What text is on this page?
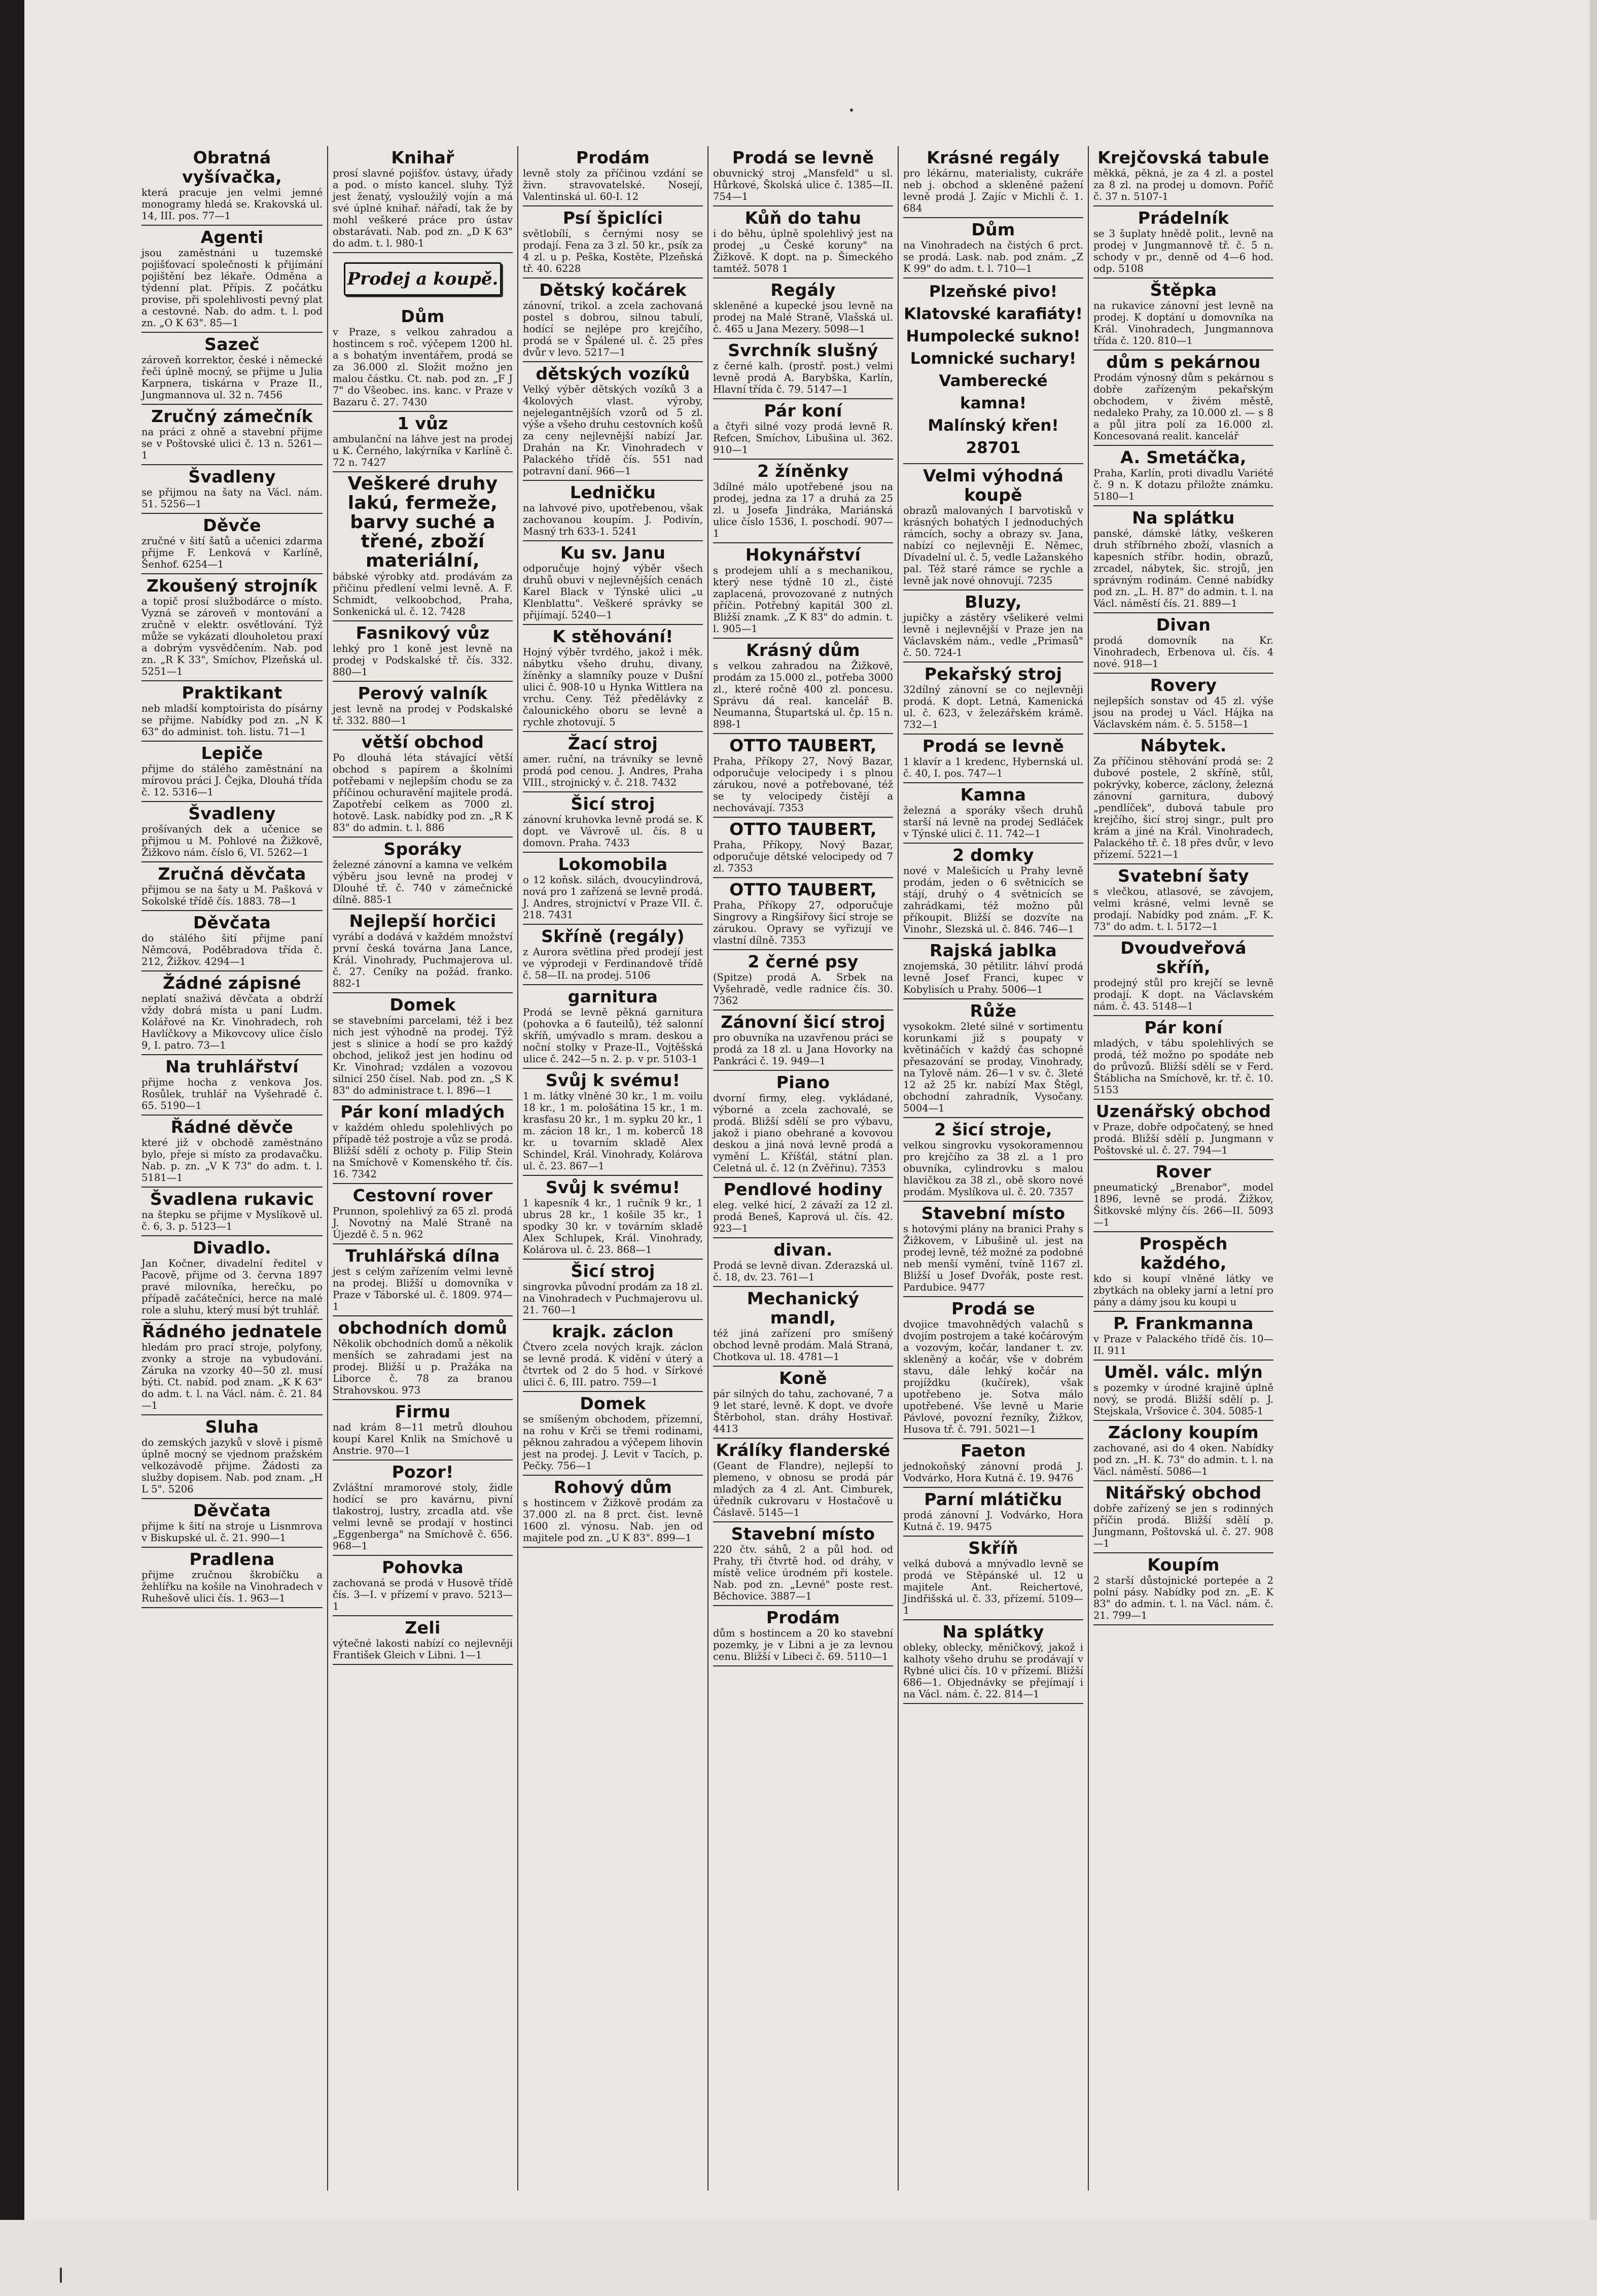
Obratná vyšívačka,

která pracuje jen velmi jemné monogramy hledá se. Krakovská ul. 14, III. pos. 77—1

Agenti

jsou zaměstnáni u tuzemské pojišťovací společnosti k přijímání pojištění bez lékaře. Odměna a týdenní plat. Přípis. Z počátku provise, při spolehlivosti pevný plat a cestovné. Nab. do adm. t. l. pod zn. „O K 63". 85—1

Sazeč

zároveň korrektor, české i německé řeči úplně mocný, se přijme u Julia Karpnera, tiskárna v Praze II., Jungmannova ul. 32 n. 7456

Zručný zámečník

na práci z ohně a stavební přijme se v Poštovské ulici č. 13 n. 5261—1

Švadleny

se přijmou na šaty na Václ. nám. 51. 5256—1

Děvče

zručné v šití šatů a učenici zdarma přijme F. Lenková v Karlíně, Šenhof. 6254—1

Zkoušený strojník

a topič prosí službodárce o místo. Vyzná se zároveň v montování a zručně v elektr. osvětlování. Týž může se vykázati dlouholetou praxí a dobrým vysvědčením. Nab. pod zn. „R K 33", Smíchov, Plzeňská ul. 5251—1

Praktikant

neb mladší komptoirista do písárny se přijme. Nabídky pod zn. „N K 63" do administ. toh. listu. 71—1

Lepiče

přijme do stálého zaměstnání na mírovou práci J. Čejka, Dlouhá třída č. 12. 5316—1

Švadleny

prošívaných dek a učenice se přijmou u M. Pohlové na Žižkově, Žižkovo nám. číslo 6, VI. 5262—1

Zručná děvčata

přijmou se na šaty u M. Pašková v Sokolské třídě čís. 1883. 78—1

Děvčata

do stálého šití přijme paní Němcová, Poděbradova třída č. 212, Žižkov. 4294—1

Žádné zápisné

neplatí snaživá děvčata a obdrží vždy dobrá místa u paní Ludm. Kolářové na Kr. Vinohradech, roh Havlíčkovy a Mikovcovy ulice číslo 9, I. patro. 73—1

Na truhlářství

přijme hocha z venkova Jos. Rosůlek, truhlář na Vyšehradě č. 65. 5190—1

Řádné děvče

které již v obchodě zaměstnáno bylo, přeje si místo za prodavačku. Nab. p. zn. „V K 73" do adm. t. l. 5181—1

Švadlena rukavic

na štepku se přijme v Myslíkově ul. č. 6, 3. p. 5123—1

Divadlo.

Jan Kočner, divadelní ředitel v Pacově, přijme od 3. června 1897 pravé milovníka, herečku, po případě začátečníci, herce na malé role a sluhu, který musí být truhlář.

Řádného jednatele

hledám pro prací stroje, polyfony, zvonky a stroje na vybudování. Záruka na vzorky 40—50 zl. musí býti. Ct. nabíd. pod znam. „K K 63" do adm. t. l. na Václ. nám. č. 21. 84—1

Sluha

do zemských jazyků v slově i písmě úplně mocný se vjednom pražském velkozávodě přijme. Žádosti za služby dopisem. Nab. pod znam. „H L 5". 5206

Děvčata

přijme k šití na stroje u Lisnmrova v Biskupské ul. č. 21. 990—1

Pradlena

přijme zručnou škrobíčku a žehlířku na košile na Vinohradech v Ruhešově ulici čís. 1. 963—1

Knihař

prosí slavné pojišťov. ústavy, úřady a pod. o místo kancel. sluhy. Týž jest ženatý, vysloužilý vojín a má své úplné knihař. nářadí, tak že by mohl veškeré práce pro ústav obstarávati. Nab. pod zn. „D K 63" do adm. t. l. 980-1

Prodej a koupě.
Dům

v Praze, s velkou zahradou a hostincem s roč. výčepem 1200 hl. a s bohatým inventářem, prodá se za 36.000 zl. Složit možno jen malou částku. Ct. nab. pod zn. „F J 7" do Všeobec. ins. kanc. v Praze v Bazaru č. 27. 7430

1 vůz

ambulanční na láhve jest na prodej u K. Černého, lakýrníka v Karlíně č. 72 n. 7427

Veškeré druhy lakú, fermeže, barvy suché a třené, zboží materiální,

bábské výrobky atd. prodávám za přičinu předlení velmi levně. A. F. Schmidt, velkoobchod, Praha, Sonkenická ul. č. 12. 7428

Fasnikový vůz

lehký pro 1 koně jest levně na prodej v Podskalské tř. čís. 332. 880—1

Perový valník

jest levně na prodej v Podskalské tř. 332. 880—1

větší obchod

Po dlouhá léta stávající větší obchod s papírem a školními potřebami v nejlepším chodu se za příčinou ochuravění majitele prodá. Zapotřebí celkem as 7000 zl. hotově. Lask. nabídky pod zn. „R K 83" do admin. t. l. 886

Sporáky

železné zánovní a kamna ve velkém výběru jsou levně na prodej v Dlouhé tř. č. 740 v zámečnické dílně. 885-1

Nejlepší horčici

vyrábí a dodává v každém množství první česká továrna Jana Lance, Král. Vinohrady, Puchmajerova ul. č. 27. Ceníky na požád. franko. 882-1

Domek

se stavebními parcelami, též i bez nich jest výhodně na prodej. Týž jest s slinice a hodí se pro každý obchod, jelikož jest jen hodinu od Kr. Vinohrad; vzdálen a vozovou silnicí 250 čísel. Nab. pod zn. „S K 83" do administrace t. l. 896—1

Pár koní mladých

v každém ohledu spolehlivých po případě též postroje a vůz se prodá. Bližší sdělí z ochoty p. Filip Stein na Smíchově v Komenského tř. čís. 16. 7342

Cestovní rover

Prunnon, spolehlivý za 65 zl. prodá J. Novotný na Malé Straně na Újezdě č. 5 n. 962

Truhlářská dílna

jest s celým zařízením velmi levně na prodej. Bližší u domovníka v Praze v Táborské ul. č. 1809. 974—1

obchodních domů

Několik obchodních domů a několik menších se zahradami jest na prodej. Bližší u p. Pražáka na Liborce č. 78 za branou Strahovskou. 973

Firmu

nad krám 8—11 metrů dlouhou koupí Karel Knlik na Smíchově u Anstrie. 970—1

Pozor!

Zvláštní mramorové stoly, židle hodící se pro kavárnu, pivní tlakostroj, lustry, zrcadla atd. vše velmi levně se prodají v hostinci „Eggenberga" na Smíchově č. 656. 968—1

Pohovka

zachovaná se prodá v Husově třídě čís. 3—I. v přízemí v pravo. 5213—1

Zeli

výtečné lakosti nabízí co nejlevněji František Gleich v Libni. 1—1

Prodám

levně stoly za příčinou vzdání se živn. stravovatelské. Nosejí, Valentinská ul. 60-I. 12

Psí špiclíci

světlobílí, s černými nosy se prodají. Fena za 3 zl. 50 kr., psík za 4 zl. u p. Peška, Kostěte, Plzeňská tř. 40. 6228

Dětský kočárek

zánovní, trikol. a zcela zachovaná postel s dobrou, silnou tabulí, hodící se nejlépe pro krejčího, prodá se v Špálené ul. č. 25 přes dvůr v levo. 5217—1

dětských vozíků

Velký výběr dětských vozíků 3 a 4kolových vlast. výroby, nejelegantnějších vzorů od 5 zl. výše a všeho druhu cestovních košů za ceny nejlevnější nabízí Jar. Drahán na Kr. Vinohradech v Palackého třídě čís. 551 nad potravní daní. 966—1

Ledničku

na lahvové pivo, upotřebenou, však zachovanou koupím. J. Podivín, Masný trh 633-1. 5241

Ku sv. Janu

odporučuje hojný výběr všech druhů obuvi v nejlevnějších cenách Karel Black v Týnské ulici „u Klenblattu". Veškeré správky se přijímají. 5240—1

K stěhování!

Hojný výběr tvrdého, jakož i měk. nábytku všeho druhu, divany, žíněnky a slamníky pouze v Dušní ulici č. 908-10 u Hynka Wittlera na vrchu. Ceny. Též předělávky z čalounického oboru se levně a rychle zhotovují. 5

Žací stroj

amer. ruční, na trávníky se levně prodá pod cenou. J. Andres, Praha VIII., strojnický v. č. 218. 7432

Šicí stroj

zánovní kruhovka levně prodá se. K dopt. ve Vávrově ul. čís. 8 u domovn. Praha. 7433

Lokomobila

o 12 koňsk. silách, dvoucylindrová, nová pro 1 zařízená se levně prodá. J. Andres, strojnictví v Praze VII. č. 218. 7431

Skříně (regály)

z Aurora světlina před prodejí jest ve výprodeji v Ferdinandově třídě č. 58—II. na prodej. 5106

garnitura

Prodá se levně pěkná garnitura (pohovka a 6 fauteilů), též salonní skříň, umývadlo s mram. deskou a noční stolky v Praze-II., Vojtěšská ulice č. 242—5 n. 2. p. v pr. 5103-1

Svůj k svému!

1 m. látky vlněné 30 kr., 1 m. voilu 18 kr., 1 m. pološátina 15 kr., 1 m. krasfasu 20 kr., 1 m. sypku 20 kr., 1 m. zácion 18 kr., 1 m. koberců 18 kr. u tovarním skladě Alex Schindel, Král. Vinohrady, Kolárova ul. č. 23. 867—1

Svůj k svému!

1 kapesník 4 kr., 1 ručník 9 kr., 1 ubrus 28 kr., 1 košile 35 kr., 1 spodky 30 kr. v továrním skladě Alex Schlupek, Král. Vinohrady, Kolárova ul. č. 23. 868—1

Šicí stroj

singrovka původní prodám za 18 zl. na Vinohradech v Puchmajerovu ul. 21. 760—1

krajk. záclon

Čtvero zcela nových krajk. záclon se levně prodá. K vidění v úterý a čtvrtek od 2 do 5 hod. v Sírkové ulici č. 6, III. patro. 759—1

Domek

se smíšeným obchodem, přízemní, na rohu v Krči se třemi rodinami, pěknou zahradou a výčepem lihovin jest na prodej. J. Levit v Tacích, p. Pečky. 756—1

Rohový dům

s hostincem v Žižkově prodám za 37.000 zl. na 8 prct. čist. levně 1600 zl. výnosu. Nab. jen od majitele pod zn. „U K 83". 899—1

Prodá se levně

obuvnický stroj „Mansfeld" u sl. Hůrkové, Školská ulice č. 1385—II. 754—1

Kůň do tahu

i do běhu, úplně spolehlivý jest na prodej „u České koruny" na Žižkově. K dopt. na p. Šimeckého tamtéž. 5078 1

Regály

skleněné a kupecké jsou levně na prodej na Malé Straně, Vlašská ul. č. 465 u Jana Mezery. 5098—1

Svrchník slušný

z černé kalh. (prostř. post.) velmi levně prodá A. Barybška, Karlín, Hlavní třída č. 79. 5147—1

Pár koní

a čtyři silné vozy prodá levně R. Refcen, Smíchov, Libušina ul. 362. 910—1

2 žíněnky

3dílné málo upotřebené jsou na prodej, jedna za 17 a druhá za 25 zl. u Josefa Jindráka, Mariánská ulice číslo 1536, I. poschodí. 907—1

Hokynářství

s prodejem uhlí a s mechanikou, který nese týdně 10 zl., čisté zaplacená, provozované z nutných příčin. Potřebný kapitál 300 zl. Bližší znamk. „Z K 83" do admin. t. l. 905—1

Krásný dům

s velkou zahradou na Žižkově, prodám za 15.000 zl., potřeba 3000 zl., které ročně 400 zl. poncesu. Správu dá real. kancelář B. Neumanna, Štupartská ul. čp. 15 n. 898-1

OTTO TAUBERT,

Praha, Příkopy 27, Nový Bazar, odporučuje velocipedy i s plnou zárukou, nové a potřebované, též se ty velocipedy čistějí a nechovávají. 7353

OTTO TAUBERT,

Praha, Příkopy, Nový Bazar, odporučuje dětské velocipedy od 7 zl. 7353

OTTO TAUBERT,

Praha, Příkopy 27, odporučuje Singrovy a Ringšiřovy šicí stroje se zárukou. Opravy se vyřizují ve vlastní dílně. 7353

2 černé psy

(Spitze) prodá A. Srbek na Vyšehradě, vedle radnice čís. 30. 7362

Zánovní šicí stroj

pro obuvníka na uzavřenou práci se prodá za 18 zl. u Jana Hovorky na Pankráci č. 19. 949—1

Piano

dvorní firmy, eleg. vykládané, výborné a zcela zachovalé, se prodá. Bližší sdělí se pro výbavu, jakož i piano obehrané a kovovou deskou a jiná nová levně prodá a vymění L. Kříšťál, státní plan. Celetná ul. č. 12 (n Zvěřinu). 7353

Pendlové hodiny

eleg. velké hicí, 2 závaží za 12 zl. prodá Beneš, Kaprová ul. čís. 42. 923—1

divan.

Prodá se levně divan. Zderazská ul. č. 18, dv. 23. 761—1

Mechanický mandl,

též jiná zařízení pro smíšený obchod levně prodám. Malá Straná, Chotkova ul. 18. 4781—1

Koně

pár silných do tahu, zachované, 7 a 9 let staré, levně. K dopt. ve dvoře Štěrbohol, stan. dráhy Hostivař. 4413

Králíky flanderské

(Geant de Flandre), nejlepší to plemeno, v obnosu se prodá pár mladých za 4 zl. Ant. Cimburek, úředník cukrovaru v Hostačově u Čáslavě. 5145—1

Stavební místo

220 čtv. sáhů, 2 a půl hod. od Prahy, tři čtvrtě hod. od dráhy, v místě velice úrodném při kostele. Nab. pod zn. „Levné" poste rest. Běchovice. 3887—1

Prodám

dům s hostincem a 20 ko stavební pozemky, je v Libni a je za levnou cenu. Bližší v Libeci č. 69. 5110—1

Krásné regály

pro lékárnu, materialisty, cukráře neb j. obchod a skleněné pažení levně prodá J. Zajíc v Michli č. 1. 684

Dům

na Vinohradech na čistých 6 prct. se prodá. Lask. nab. pod znám. „Z K 99" do adm. t. l. 710—1

Plzeňské pivo!
Klatovské karafiáty!
Humpolecké sukno!
Lomnické suchary!
Vamberecké kamna!
Malínský křen! 28701
Velmi výhodná koupě

obrazů malovaných I barvotisků v krásných bohatých I jednoduchých rámcích, sochy a obrazy sv. Jana, nabízí co nejlevněji E. Němec, Dívadelní ul. č. 5, vedle Lažanského pal. Též staré rámce se rychle a levně jak nové ohnovují. 7235

Bluzy,

jupičky a zástěry všelikeré velmi levně i nejlevnější v Praze jen na Václavském nám., vedle „Primasů" č. 50. 724-1

Pekařský stroj

32dílný zánovní se co nejlevněji prodá. K dopt. Letná, Kamenická ul. č. 623, v železářském krámě. 732—1

Prodá se levně

1 klavír a 1 kredenc, Hybernská ul. č. 40, I. pos. 747—1

Kamna

železná a sporáky všech druhů starší ná levně na prodej Sedláček v Týnské ulici č. 11. 742—1

2 domky

nové v Malešicích u Prahy levně prodám, jeden o 6 světnicích se stájí, druhý o 4 světnicích se zahrádkami, též možno půl příkoupit. Bližší se dozvíte na Vinohr., Slezská ul. č. 846. 746—1

Rajská jablka

znojemská, 30 pětilitr. láhví prodá levně Josef Franci, kupec v Kobylisích u Prahy. 5006—1

Růže

vysokokm. 2leté silné v sortimentu korunkami již s poupaty v květináčích v každý čas schopné přesazování se proday, Vinohrady, na Tylově nám. 26—1 v sv. č. 3leté 12 až 25 kr. nabízí Max Štěgl, obchodní zahradník, Vysočany. 5004—1

2 šicí stroje,

velkou singrovku vysokoramennou pro krejčího za 38 zl. a 1 pro obuvníka, cylindrovku s malou hlavičkou za 38 zl., obě skoro nové prodám. Myslíkova ul. č. 20. 7357

Stavební místo

s hotovými plány na branici Prahy s Žižkovem, v Libušině ul. jest na prodej levně, též možné za podobné neb menší vymění, tvíně 1167 zl. Bližší u Josef Dvořák, poste rest. Pardubice. 9477

Prodá se

dvojice tmavohnědých valachů s dvojím postrojem a také kočárovým a vozovým, kočár, landaner t. zv. skleněný a kočár, vše v dobrém stavu, dále lehký kočár na projíždku (kučírek), však upotřebeno je. Sotva málo upotřebené. Vše levně u Marie Pávlové, povozní řezníky, Žižkov, Husova tř. č. 791. 5021—1

Faeton

jednokoňský zánovní prodá J. Vodvárko, Hora Kutná č. 19. 9476

Parní mlátičku

prodá zánovní J. Vodvárko, Hora Kutná č. 19. 9475

Skříň

velká dubová a mnývadlo levně se prodá ve Stěpánské ul. 12 u majitele Ant. Reichertové, Jindřišská ul. č. 33, přízemí. 5109—1

Na splátky

obleky, oblecky, měničkový, jakož i kalhoty všeho druhu se prodávají v Rybné ulici čís. 10 v přízemí. Bližší 686—1. Objednávky se přejímají i na Václ. nám. č. 22. 814—1

Krejčovská tabule

měkká, pěkná, je za 4 zl. a postel za 8 zl. na prodej u domovn. Poříč č. 37 n. 5107-1

Prádelník

se 3 šuplaty hnědě polit., levně na prodej v Jungmannově tř. č. 5 n. schody v pr., denně od 4—6 hod. odp. 5108

Štěpka

na rukavice zánovní jest levně na prodej. K doptání u domovníka na Král. Vinohradech, Jungmannova třída č. 120. 810—1

dům s pekárnou

Prodám výnosný dům s pekárnou s dobře zařízeným pekařským obchodem, v živém městě, nedaleko Prahy, za 10.000 zl. — s 8 a půl jitra polí za 16.000 zl. Koncesovaná realit. kancelář

A. Smetáčka,

Praha, Karlín, proti divadlu Variété č. 9 n. K dotazu přiložte známku. 5180—1

Na splátku

panské, dámské látky, veškeren druh stříbrného zboží, vlasních a kapesních stříbr. hodin, obrazů, zrcadel, nábytek, šic. strojů, jen správným rodinám. Cenné nabídky pod zn. „L. H. 87" do admin. t. l. na Václ. náměstí čís. 21. 889—1

Divan

prodá domovník na Kr. Vinohradech, Erbenova ul. čís. 4 nové. 918—1

Rovery

nejlepších sonstav od 45 zl. výše jsou na prodej u Václ. Hájka na Václavském nám. č. 5. 5158—1

Nábytek.

Za příčinou stěhování prodá se: 2 dubové postele, 2 skříně, stůl, pokrývky, koberce, záclony, železná zánovní garnitura, dubový „pendlíček", dubová tabule pro krejčího, šicí stroj singr., pult pro krám a jiné na Král. Vinohradech, Palackého tř. č. 18 přes dvůr, v levo přízemí. 5221—1

Svatební šaty

s vlečkou, atlasové, se závojem, velmi krásné, velmi levně se prodají. Nabídky pod znám. „F. K. 73" do adm. t. l. 5172—1

Dvoudveřová skříň,

prodejný stůl pro krejčí se levně prodají. K dopt. na Václavském nám. č. 43. 5148—1

Pár koní

mladých, v tábu spolehlivých se prodá, též možno po spodáte neb do průvozů. Bližší sdělí se v Ferd. Štáblicha na Smíchově, kr. tř. č. 10. 5153

Uzenářský obchod

v Praze, dobře odpočatený, se hned prodá. Bližší sdělí p. Jungmann v Poštovské ul. č. 27. 794—1

Rover

pneumatický „Brenabor", model 1896, levně se prodá. Žižkov, Šitkovské mlýny čís. 266—II. 5093—1

Prospěch každého,

kdo si koupí vlněné látky ve zbytkách na obleky jarní a letní pro pány a dámy jsou ku koupi u

P. Frankmanna

v Praze v Palackého třídě čís. 10—II. 911

Uměl. válc. mlýn

s pozemky v úrodné krajině úplně nový, se prodá. Bližší sdělí p. J. Stejskala, Vršovice č. 304. 5085-1

Záclony koupím

zachované, asi do 4 oken. Nabídky pod zn. „H. K. 73" do admin. t. l. na Václ. náměstí. 5086—1

Nitářský obchod

dobře zařízený se jen s rodinných příčin prodá. Bližší sdělí p. Jungmann, Poštovská ul. č. 27. 908—1

Koupím

2 starší důstojnické portepée a 2 polní pásy. Nabídky pod zn. „E. K 83" do admin. t. l. na Václ. nám. č. 21. 799—1
